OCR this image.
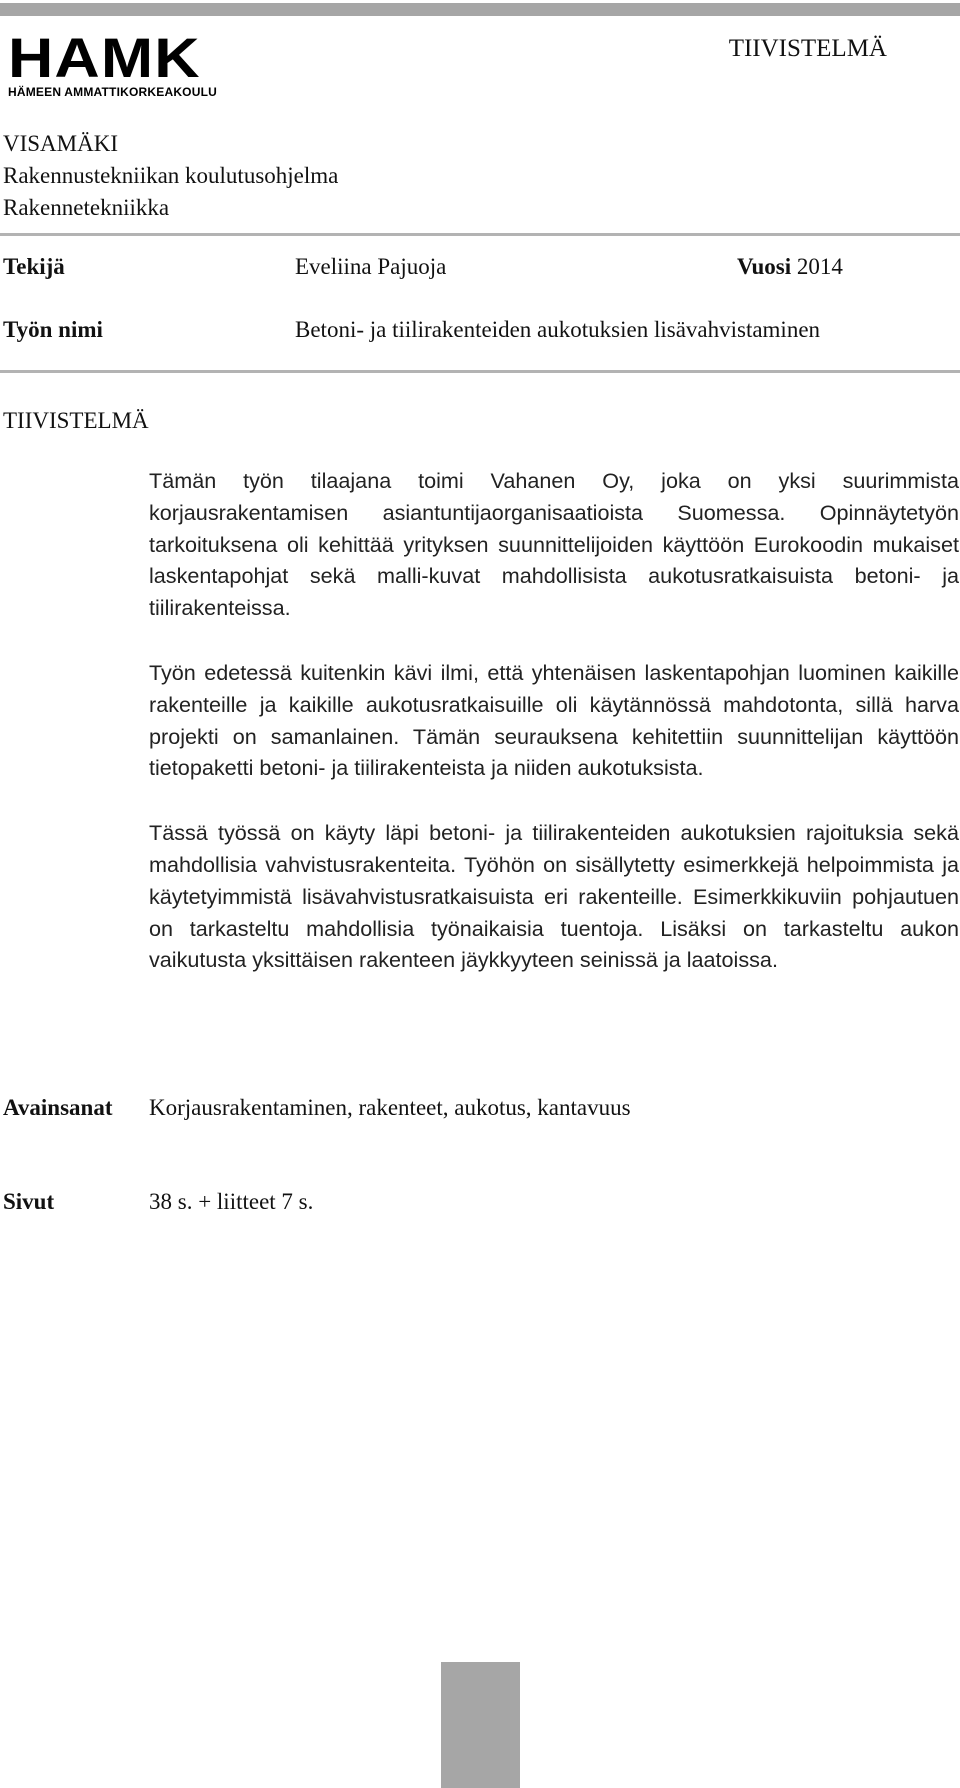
HAMK
HÄMEEN AMMATTIKORKEAKOULU
TIIVISTELMÄ
VISAMÄKI
Rakennustekniikan koulutusohjelma
Rakennetekniikka
Tekijä	Eveliina Pajuoja	Vuosi 2014
Työn nimi	Betoni- ja tiilirakenteiden aukotuksien lisävahvistaminen
TIIVISTELMÄ

Tämän työn tilaajana toimi Vahanen Oy, joka on yksi suurimmista korjausrakentamisen asiantuntijaorganisaatioista Suomessa. Opinnäytetyön tarkoituksena oli kehittää yrityksen suunnittelijoiden käyttöön Eurokoodin mukaiset laskentapohjat sekä malli-kuvat mahdollisista aukotusratkaisuista betoni- ja tiilirakenteissa.

Työn edetessä kuitenkin kävi ilmi, että yhtenäisen laskentapohjan luominen kaikille rakenteille ja kaikille aukotusratkaisuille oli käytännössä mahdotonta, sillä harva projekti on samanlainen. Tämän seurauksena kehitettiin suunnittelijan käyttöön tietopaketti betoni- ja tiilirakenteista ja niiden aukotuksista.

Tässä työssä on käyty läpi betoni- ja tiilirakenteiden aukotuksien rajoituksia sekä mahdollisia vahvistusrakenteita. Työhön on sisällytetty esimerkkejä helpoimmista ja käytetyimmistä lisävahvistusratkaisuista eri rakenteille. Esimerkkikuviin pohjautuen on tarkasteltu mahdollisia työnaikaisia tuentoja. Lisäksi on tarkasteltu aukon vaikutusta yksittäisen rakenteen jäykkyyteen seinissä ja laatoissa.

Avainsanat Korjausrakentaminen, rakenteet, aukotus, kantavuus
Sivut	38 s. + liitteet 7 s.
